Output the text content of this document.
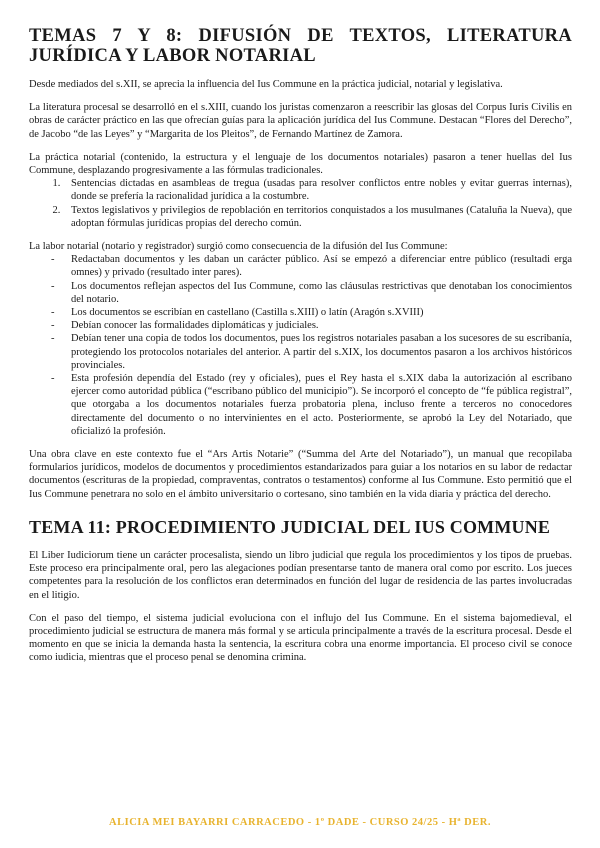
TEMAS 7 Y 8: DIFUSIÓN DE TEXTOS, LITERATURA JURÍDICA Y LABOR NOTARIAL

Desde mediados del s.XII, se aprecia la influencia del Ius Commune en la práctica judicial, notarial y legislativa.

La literatura procesal se desarrolló en el s.XIII, cuando los juristas comenzaron a reescribir las glosas del Corpus Iuris Civilis en obras de carácter práctico en las que ofrecían guías para la aplicación jurídica del Ius Commune. Destacan “Flores del Derecho”, de Jacobo “de las Leyes” y “Margarita de los Pleitos”, de Fernando Martínez de Zamora.

La práctica notarial (contenido, la estructura y el lenguaje de los documentos notariales) pasaron a tener huellas del Ius Commune, desplazando progresivamente a las fórmulas tradicionales.

1. Sentencias dictadas en asambleas de tregua (usadas para resolver conflictos entre nobles y evitar guerras internas), donde se prefería la racionalidad jurídica a la costumbre.
2. Textos legislativos y privilegios de repoblación en territorios conquistados a los musulmanes (Cataluña la Nueva), que adoptan fórmulas jurídicas propias del derecho común.

La labor notarial (notario y registrador) surgió como consecuencia de la difusión del Ius Commune:

- Redactaban documentos y les daban un carácter público. Así se empezó a diferenciar entre público (resultadi erga omnes) y privado (resultado inter pares).
- Los documentos reflejan aspectos del Ius Commune, como las cláusulas restrictivas que denotaban los conocimientos del notario.
- Los documentos se escribían en castellano (Castilla s.XIII) o latín (Aragón s.XVIII)
- Debían conocer las formalidades diplomáticas y judiciales.
- Debían tener una copia de todos los documentos, pues los registros notariales pasaban a los sucesores de su escribanía, protegiendo los protocolos notariales del anterior. A partir del s.XIX, los documentos pasaron a los archivos históricos provinciales.
- Esta profesión dependía del Estado (rey y oficiales), pues el Rey hasta el s.XIX daba la autorización al escribano ejercer como autoridad pública (“escribano público del municipio”). Se incorporó el concepto de “fe pública registral”, que otorgaba a los documentos notariales fuerza probatoria plena, incluso frente a terceros no conocedores directamente del documento o no intervinientes en el acto. Posteriormente, se aprobó la Ley del Notariado, que oficializó la profesión.

Una obra clave en este contexto fue el “Ars Artis Notarie” (“Summa del Arte del Notariado”), un manual que recopilaba formularios jurídicos, modelos de documentos y procedimientos estandarizados para guiar a los notarios en su labor de redactar documentos (escrituras de la propiedad, compraventas, contratos o testamentos) conforme al Ius Commune. Esto permitió que el Ius Commune penetrara no solo en el ámbito universitario o cortesano, sino también en la vida diaria y práctica del derecho.

TEMA 11: PROCEDIMIENTO JUDICIAL DEL IUS COMMUNE

El Liber Iudiciorum tiene un carácter procesalista, siendo un libro judicial que regula los procedimientos y los tipos de pruebas. Este proceso era principalmente oral, pero las alegaciones podían presentarse tanto de manera oral como por escrito. Los jueces competentes para la resolución de los conflictos eran determinados en función del lugar de residencia de las partes involucradas en el litigio.

Con el paso del tiempo, el sistema judicial evoluciona con el influjo del Ius Commune. En el sistema bajomedieval, el procedimiento judicial se estructura de manera más formal y se articula principalmente a través de la escritura procesal. Desde el momento en que se inicia la demanda hasta la sentencia, la escritura cobra una enorme importancia. El proceso civil se conoce como iudicia, mientras que el proceso penal se denomina crimina.

ALICIA MEI BAYARRI CARRACEDO - 1º DADE - CURSO 24/25 - Hª DER.
